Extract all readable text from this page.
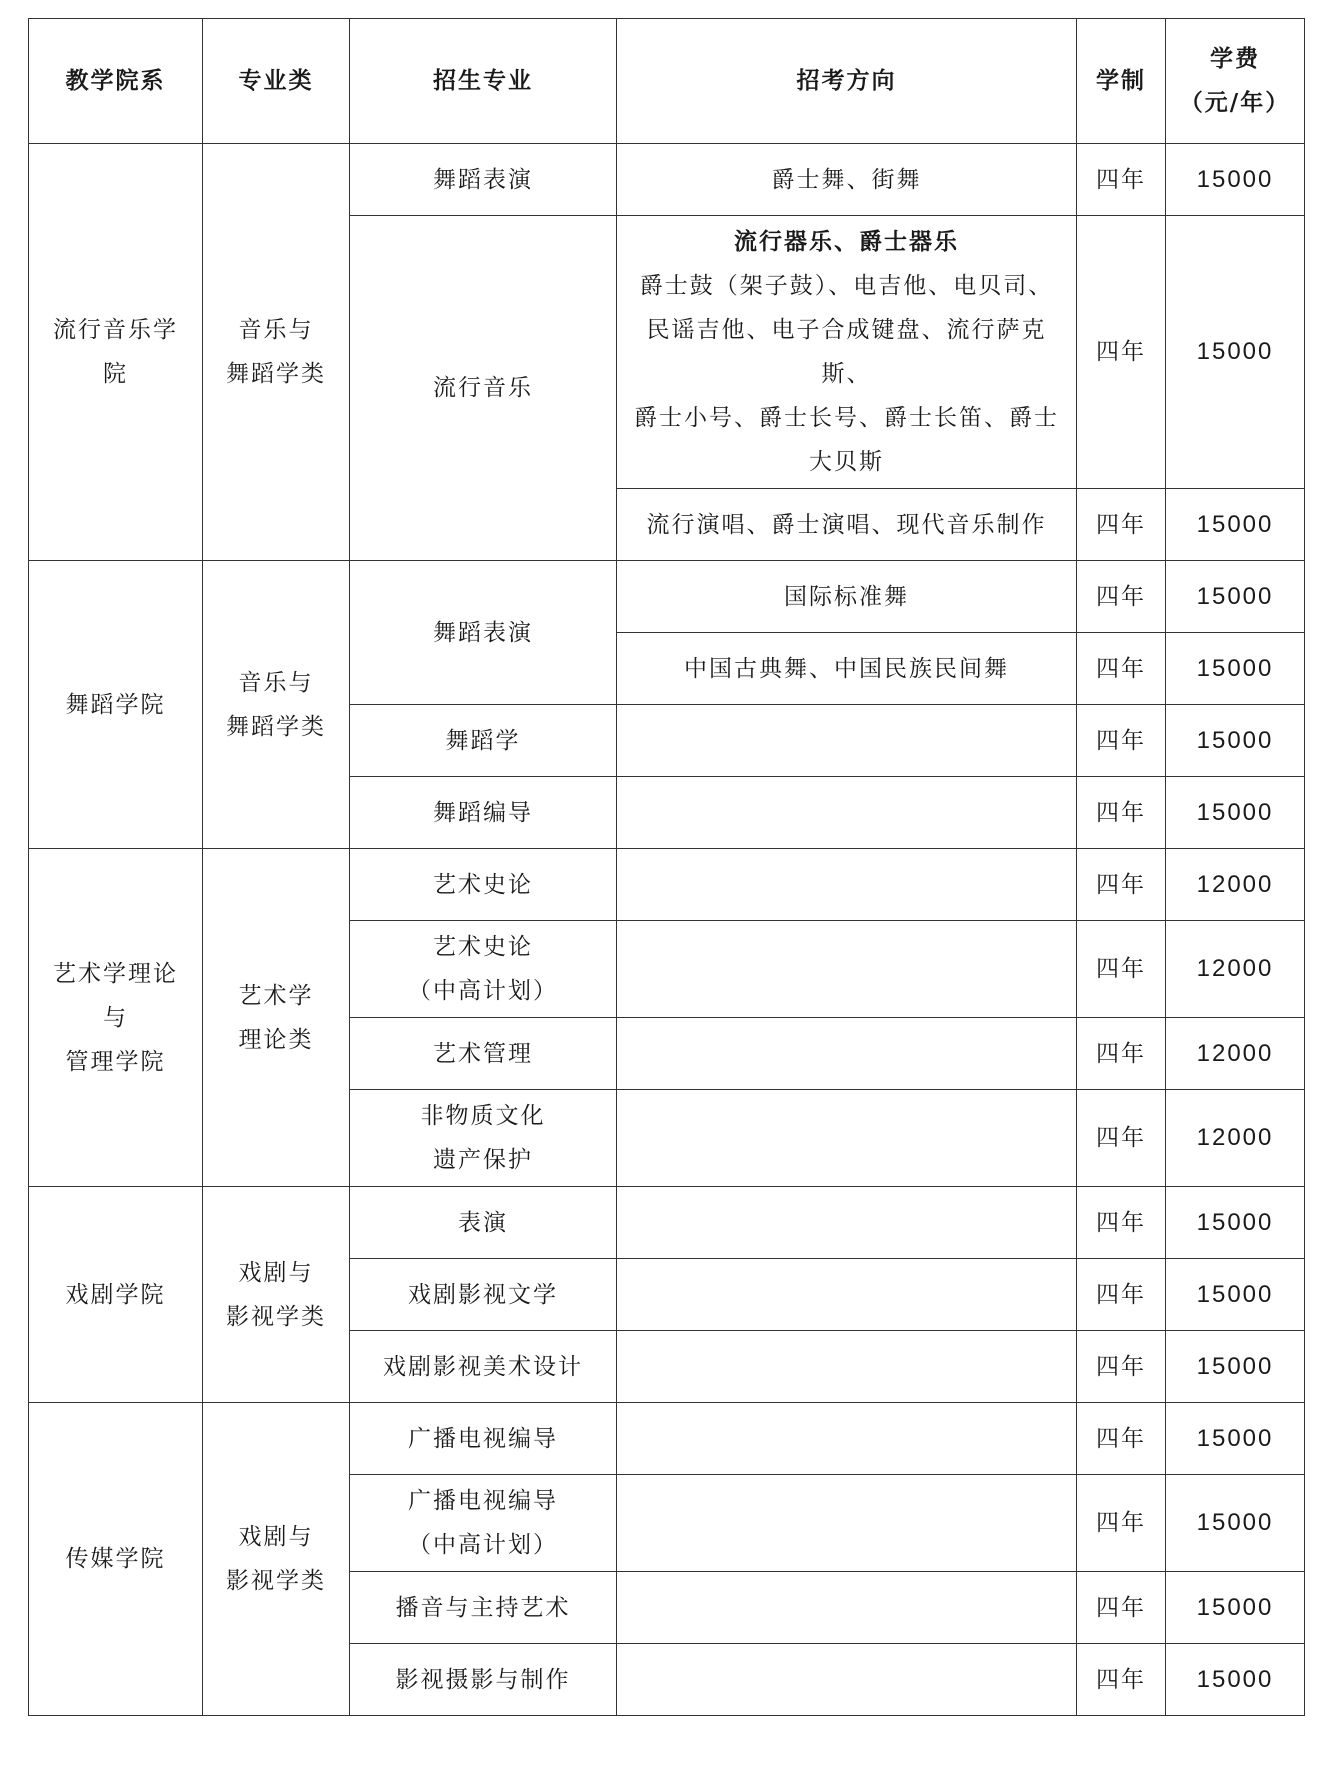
教学院系	专业类	招生专业	招考方向	学制	学费
（元/年）
流行音乐学
院	音乐与
舞蹈学类	舞蹈表演	爵士舞、街舞	四年	15000
		流行音乐	流行器乐、爵士器乐
爵士鼓（架子鼓）、电吉他、电贝司、
民谣吉他、电子合成键盘、流行萨克斯、
爵士小号、爵士长号、爵士长笛、爵士
大贝斯	四年	15000
			流行演唱、爵士演唱、现代音乐制作	四年	15000
舞蹈学院	音乐与
舞蹈学类	舞蹈表演	国际标准舞	四年	15000
			中国古典舞、中国民族民间舞	四年	15000
		舞蹈学		四年	15000
		舞蹈编导		四年	15000
艺术学理论
与
管理学院	艺术学
理论类	艺术史论		四年	12000
		艺术史论
（中高计划）		四年	12000
		艺术管理		四年	12000
		非物质文化
遗产保护		四年	12000
戏剧学院	戏剧与
影视学类	表演		四年	15000
		戏剧影视文学		四年	15000
		戏剧影视美术设计		四年	15000
传媒学院	戏剧与
影视学类	广播电视编导		四年	15000
		广播电视编导
（中高计划）		四年	15000
		播音与主持艺术		四年	15000
		影视摄影与制作		四年	15000
